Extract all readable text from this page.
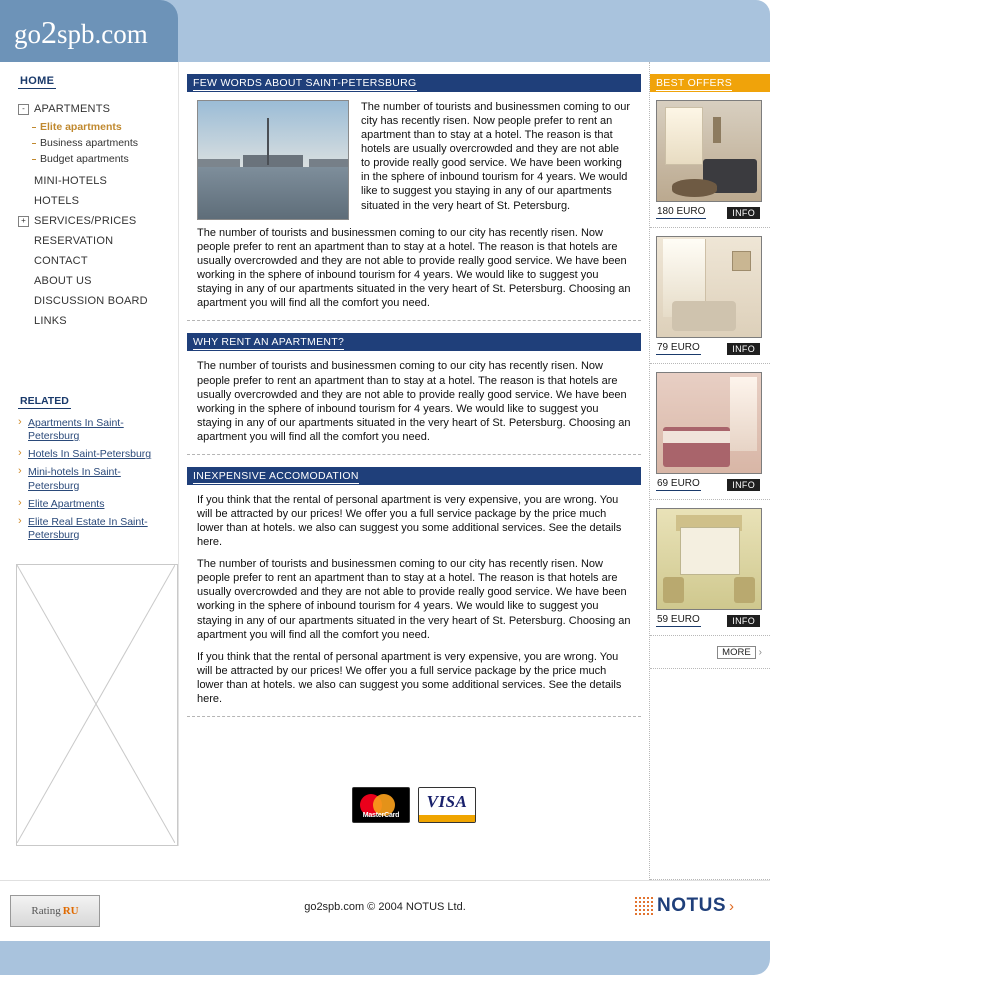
go2spb.com
HOME
- APARTMENTS
Elite apartments
Business apartments
Budget apartments
MINI-HOTELS
HOTELS
+ SERVICES/PRICES
RESERVATION
CONTACT
ABOUT US
DISCUSSION BOARD
LINKS
RELATED
› Apartments In Saint-Petersburg
› Hotels In Saint-Petersburg
› Mini-hotels In Saint-Petersburg
› Elite Apartments
› Elite Real Estate In Saint-Petersburg
FEW WORDS ABOUT SAINT-PETERSBURG

The number of tourists and businessmen coming to our city has recently risen. Now people prefer to rent an apartment than to stay at a hotel. The reason is that hotels are usually overcrowded and they are not able to provide really good service. We have been working in the sphere of inbound tourism for 4 years. We would like to suggest you staying in any of our apartments situated in the very heart of St. Petersburg.

The number of tourists and businessmen coming to our city has recently risen. Now people prefer to rent an apartment than to stay at a hotel. The reason is that hotels are usually overcrowded and they are not able to provide really good service. We have been working in the sphere of inbound tourism for 4 years. We would like to suggest you staying in any of our apartments situated in the very heart of St. Petersburg. Choosing an apartment you will find all the comfort you need.

WHY RENT AN APARTMENT?

The number of tourists and businessmen coming to our city has recently risen. Now people prefer to rent an apartment than to stay at a hotel. The reason is that hotels are usually overcrowded and they are not able to provide really good service. We have been working in the sphere of inbound tourism for 4 years. We would like to suggest you staying in any of our apartments situated in the very heart of St. Petersburg. Choosing an apartment you will find all the comfort you need.

INEXPENSIVE ACCOMODATION

If you think that the rental of personal apartment is very expensive, you are wrong. You will be attracted by our prices! We offer you a full service package by the price much lower than at hotels. we also can suggest you some additional services. See the details here.

The number of tourists and businessmen coming to our city has recently risen. Now people prefer to rent an apartment than to stay at a hotel. The reason is that hotels are usually overcrowded and they are not able to provide really good service. We have been working in the sphere of inbound tourism for 4 years. We would like to suggest you staying in any of our apartments situated in the very heart of St. Petersburg. Choosing an apartment you will find all the comfort you need.

If you think that the rental of personal apartment is very expensive, you are wrong. You will be attracted by our prices! We offer you a full service package by the price much lower than at hotels. we also can suggest you some additional services. See the details here.

MasterCard
VISA
BEST OFFERS
180 EURO	INFO
79 EURO	INFO
69 EURO	INFO
59 EURO	INFO
MORE ›
Rating RU	go2spb.com © 2004 NOTUS Ltd.	NOTUS ›
